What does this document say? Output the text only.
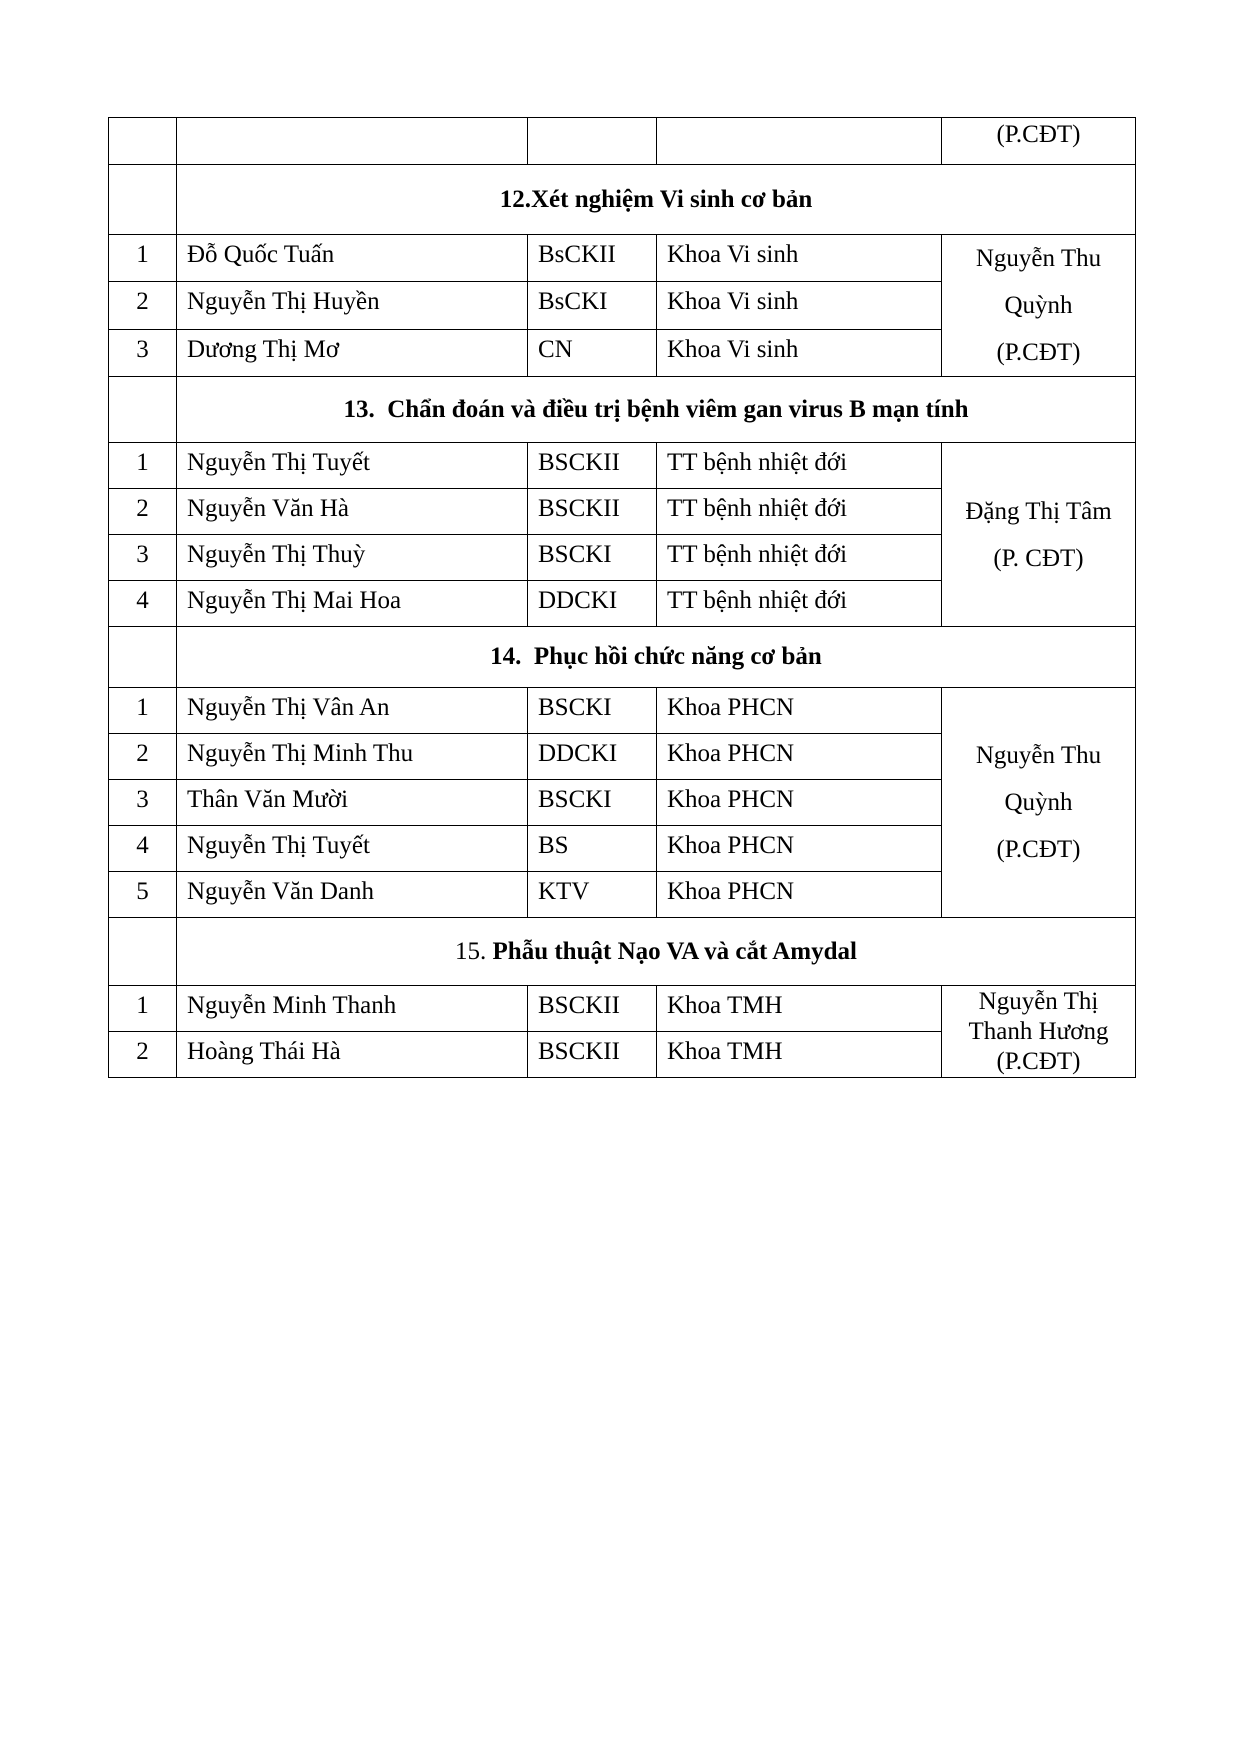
				(P.CĐT)
	12.Xét nghiệm Vi sinh cơ bản			
1	Đỗ Quốc Tuấn	BsCKII	Khoa Vi sinh	Nguyễn Thu
Quỳnh
(P.CĐT)

2	Nguyễn Thị Huyền	BsCKI	Khoa Vi sinh	
3	Dương Thị Mơ	CN	Khoa Vi sinh	
	13. Chẩn đoán và điều trị bệnh viêm gan virus B mạn tính			
1	Nguyễn Thị Tuyết	BSCKII	TT bệnh nhiệt đới	Đặng Thị Tâm
(P. CĐT)

2	Nguyễn Văn Hà	BSCKII	TT bệnh nhiệt đới	
3	Nguyễn Thị Thuỳ	BSCKI	TT bệnh nhiệt đới	
4	Nguyễn Thị Mai Hoa	DDCKI	TT bệnh nhiệt đới	
	14. Phục hồi chức năng cơ bản			
1	Nguyễn Thị Vân An	BSCKI	Khoa PHCN	Nguyễn Thu
Quỳnh
(P.CĐT)

2	Nguyễn Thị Minh Thu	DDCKI	Khoa PHCN	
3	Thân Văn Mười	BSCKI	Khoa PHCN	
4	Nguyễn Thị Tuyết	BS	Khoa PHCN	
5	Nguyễn Văn Danh	KTV	Khoa PHCN	
	15. Phẫu thuật Nạo VA và cắt Amydal			
1	Nguyễn Minh Thanh	BSCKII	Khoa TMH	Nguyễn Thị
Thanh Hương
(P.CĐT)

2	Hoàng Thái Hà	BSCKII	Khoa TMH	
